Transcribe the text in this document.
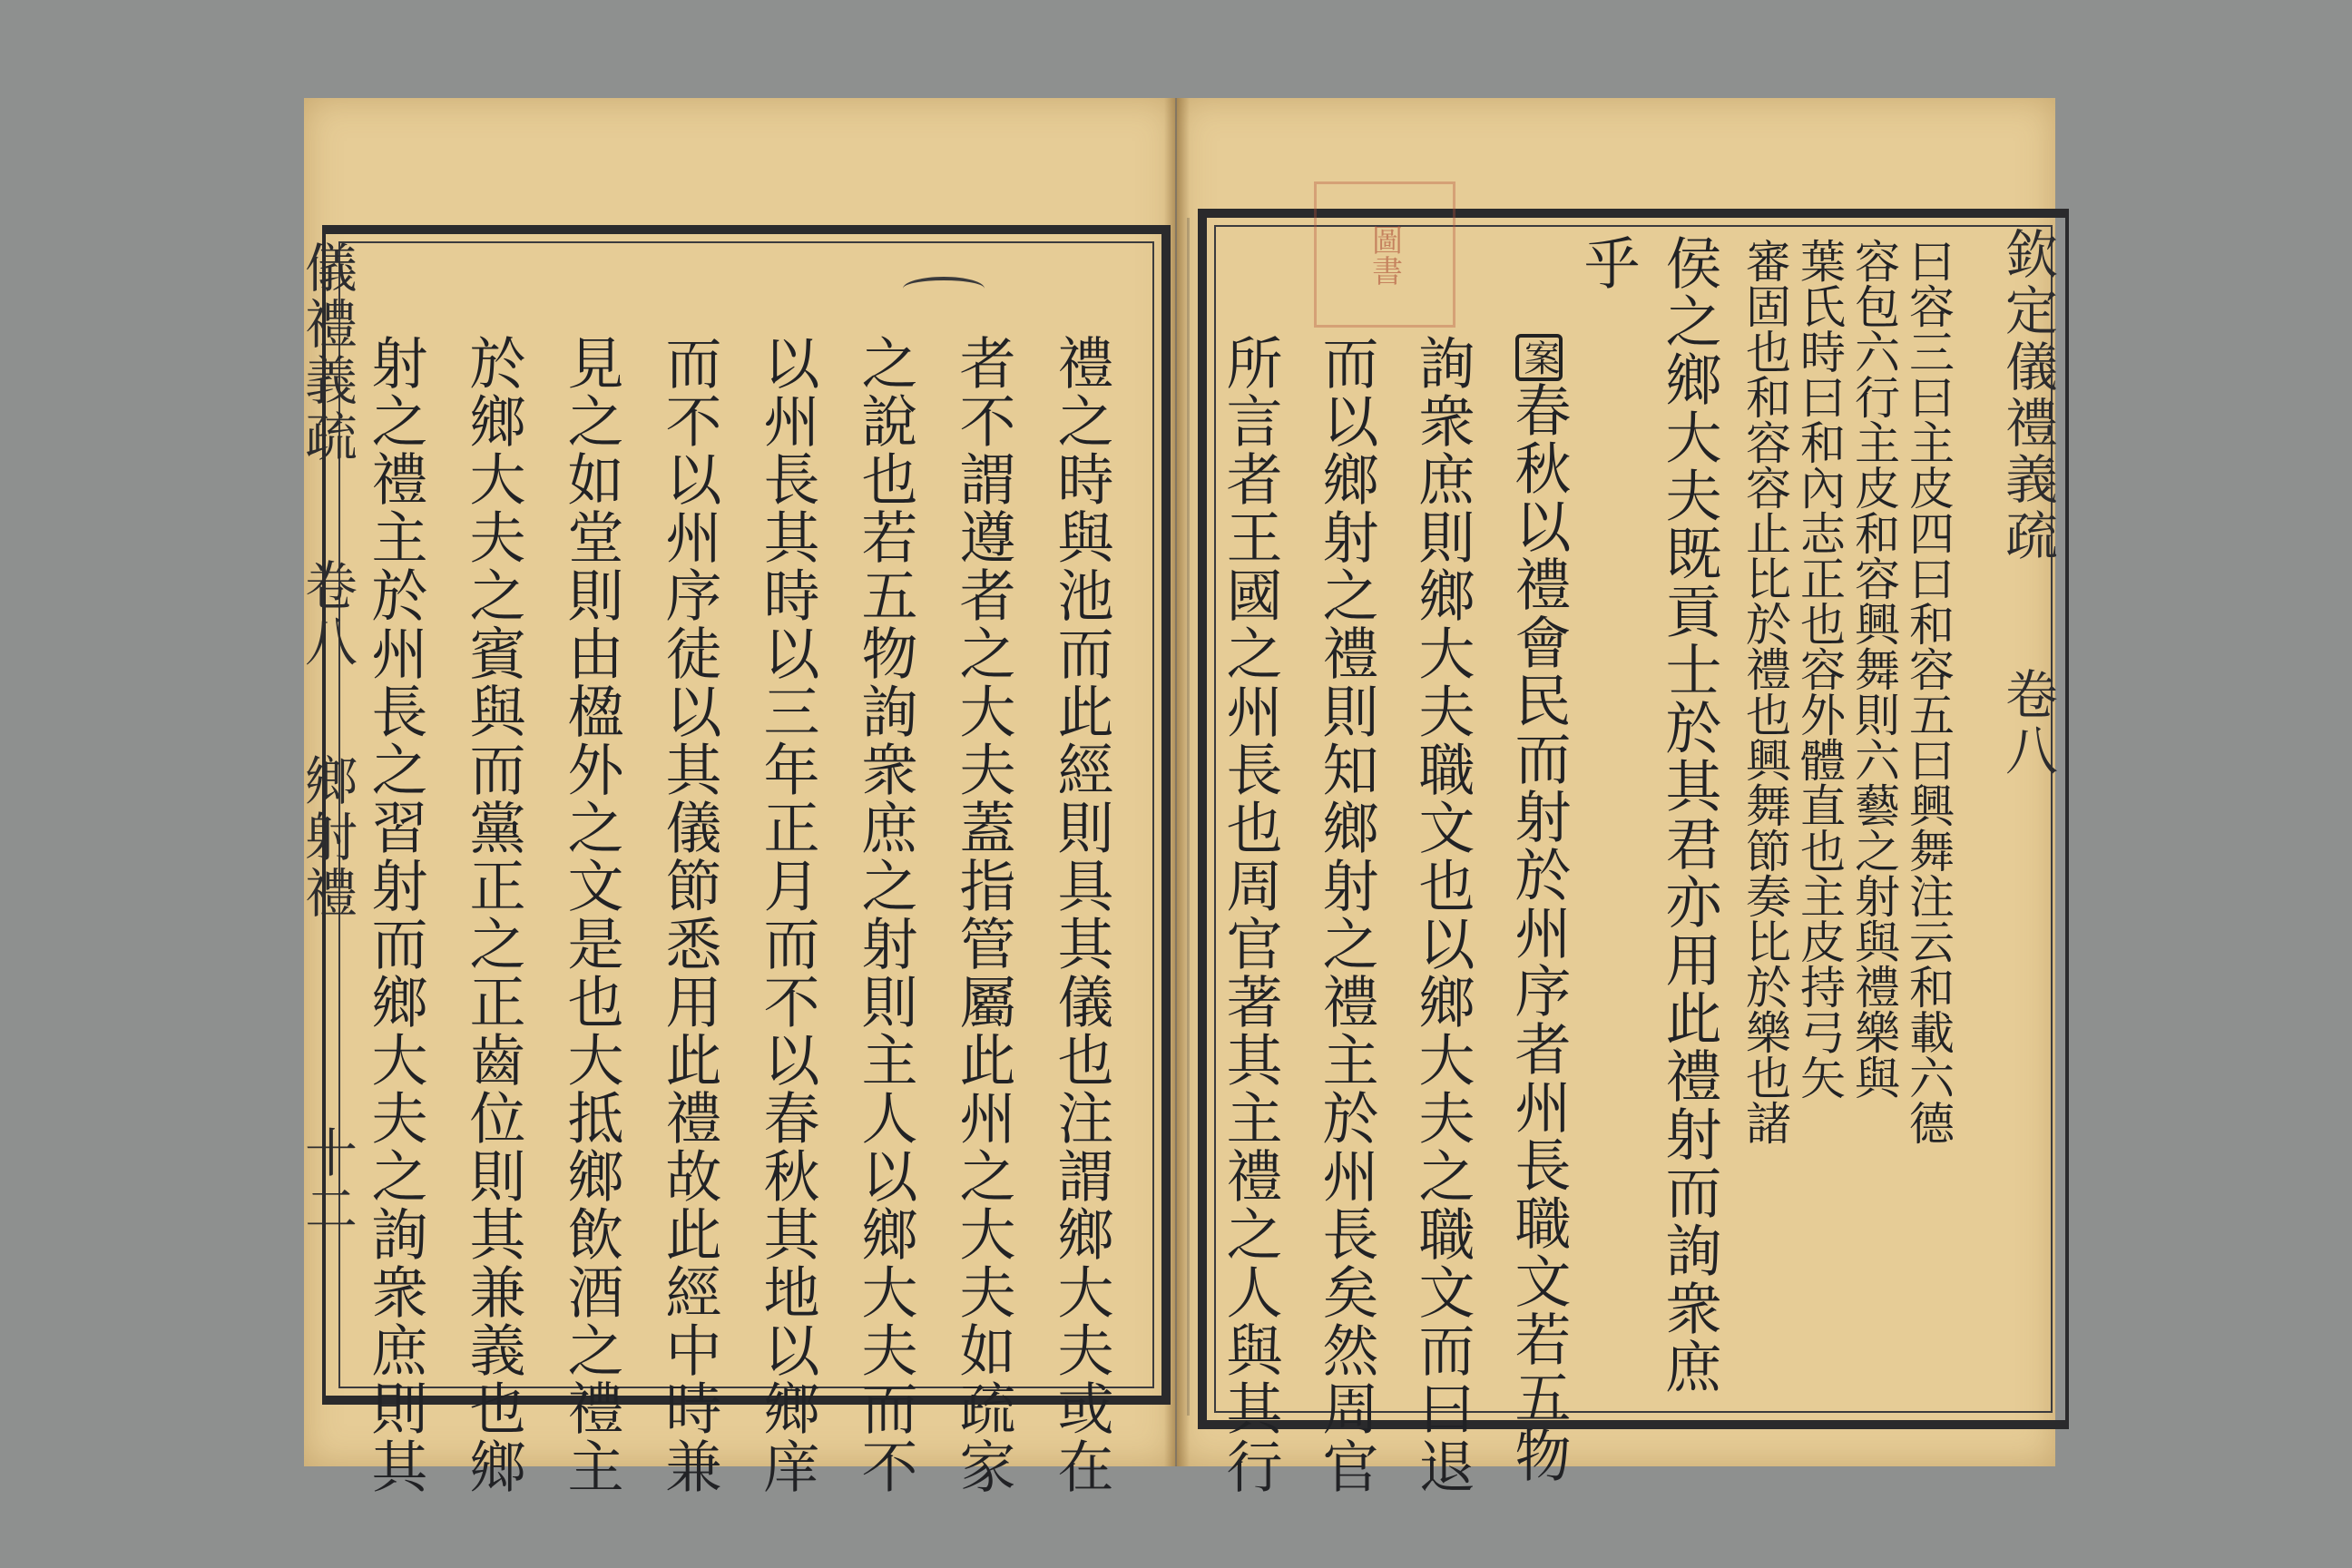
圖書
儀禮義疏
卷八
鄉射禮
十二	禮之時與池而此經則具其儀也注謂鄉大夫或在
者不謂遵者之大夫蓋指管屬此州之大夫如疏家
之說也若五物詢衆庶之射則主人以鄉大夫而不
以州長其時以三年正月而不以春秋其地以鄉庠
而不以州序徒以其儀節悉用此禮故此經中時兼
見之如堂則由楹外之文是也大抵鄉飲酒之禮主
於鄉大夫之賓與而黨正之正齒位則其兼義也鄉
射之禮主於州長之習射而鄉大夫之詢衆庶則其	欽定儀禮義疏
卷八
曰容三曰主皮四曰和容五曰興舞注云和載六德
容包六行主皮和容興舞則六藝之射與禮樂與
葉氏時曰和內志正也容外體直也主皮持弓矢
審固也和容容止比於禮也興舞節奏比於樂也諸
侯之鄉大夫既貢士於其君亦用此禮射而詢衆庶
乎
案
春秋以禮會民而射於州序者州長職文若五物
詢衆庶則鄉大夫職文也以鄉大夫之職文而曰退
而以鄉射之禮則知鄉射之禮主於州長矣然周官
所言者王國之州長也周官著其主禮之人與其行
